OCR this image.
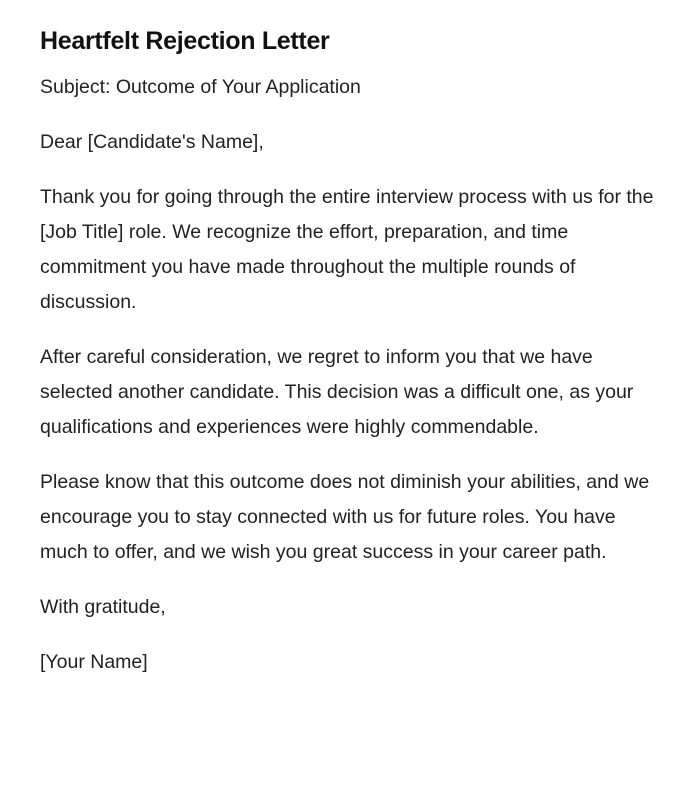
Heartfelt Rejection Letter

Subject: Outcome of Your Application

Dear [Candidate's Name],

Thank you for going through the entire interview process with us for the [Job Title] role. We recognize the effort, preparation, and time commitment you have made throughout the multiple rounds of discussion.

After careful consideration, we regret to inform you that we have selected another candidate. This decision was a difficult one, as your qualifications and experiences were highly commendable.

Please know that this outcome does not diminish your abilities, and we encourage you to stay connected with us for future roles. You have much to offer, and we wish you great success in your career path.

With gratitude,

[Your Name]
